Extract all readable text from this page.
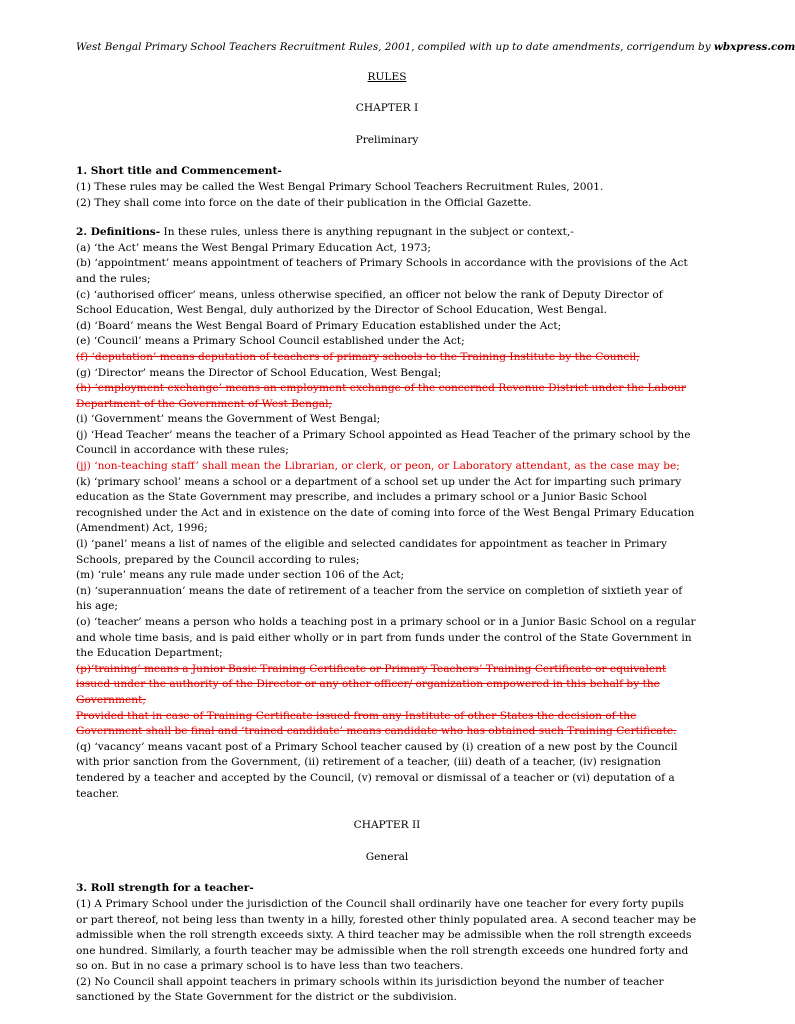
West Bengal Primary School Teachers Recruitment Rules, 2001, compiled with up to date amendments, corrigendum by wbxpress.com

RULES

CHAPTER I

Preliminary

1. Short title and Commencement-

(1) These rules may be called the West Bengal Primary School Teachers Recruitment Rules, 2001.

(2) They shall come into force on the date of their publication in the Official Gazette.

2. Definitions- In these rules, unless there is anything repugnant in the subject or context,-

(a) ‘the Act’ means the West Bengal Primary Education Act, 1973;

(b) ‘appointment’ means appointment of teachers of Primary Schools in accordance with the provisions of the Act and the rules;

(c) ‘authorised officer’ means, unless otherwise specified, an officer not below the rank of Deputy Director of School Education, West Bengal, duly authorized by the Director of School Education, West Bengal.

(d) ‘Board’ means the West Bengal Board of Primary Education established under the Act;

(e) ‘Council’ means a Primary School Council established under the Act;

(f) ‘deputation’ means deputation of teachers of primary schools to the Training Institute by the Council;

(g) ‘Director’ means the Director of School Education, West Bengal;

(h) ‘employment exchange’ means an employment exchange of the concerned Revenue District under the Labour Department of the Government of West Bengal;

(i) ‘Government’ means the Government of West Bengal;

(j) ‘Head Teacher’ means the teacher of a Primary School appointed as Head Teacher of the primary school by the Council in accordance with these rules;

(jj) ‘non-teaching staff’ shall mean the Librarian, or clerk, or peon, or Laboratory attendant, as the case may be;

(k) ‘primary school’ means a school or a department of a school set up under the Act for imparting such primary education as the State Government may prescribe, and includes a primary school or a Junior Basic School recognished under the Act and in existence on the date of coming into force of the West Bengal Primary Education (Amendment) Act, 1996;

(l) ‘panel’ means a list of names of the eligible and selected candidates for appointment as teacher in Primary Schools, prepared by the Council according to rules;

(m) ‘rule’ means any rule made under section 106 of the Act;

(n) ‘superannuation’ means the date of retirement of a teacher from the service on completion of sixtieth year of his age;

(o) ‘teacher’ means a person who holds a teaching post in a primary school or in a Junior Basic School on a regular and whole time basis, and is paid either wholly or in part from funds under the control of the State Government in the Education Department;

(p)‘training’ means a Junior Basic Training Certificate or Primary Teachers’ Training Certificate or equivalent issued under the authority of the Director or any other officer/ organization empowered in this behalf by the Government;

Provided that in case of Training Certificate issued from any Institute of other States the decision of the Government shall be final and ‘trained candidate’ means candidate who has obtained such Training Certificate.

(q) ‘vacancy’ means vacant post of a Primary School teacher caused by (i) creation of a new post by the Council with prior sanction from the Government, (ii) retirement of a teacher, (iii) death of a teacher, (iv) resignation tendered by a teacher and accepted by the Council, (v) removal or dismissal of a teacher or (vi) deputation of a teacher.

CHAPTER II

General

3. Roll strength for a teacher-

(1) A Primary School under the jurisdiction of the Council shall ordinarily have one teacher for every forty pupils or part thereof, not being less than twenty in a hilly, forested other thinly populated area. A second teacher may be admissible when the roll strength exceeds sixty. A third teacher may be admissible when the roll strength exceeds one hundred. Similarly, a fourth teacher may be admissible when the roll strength exceeds one hundred forty and so on. But in no case a primary school is to have less than two teachers.

(2) No Council shall appoint teachers in primary schools within its jurisdiction beyond the number of teacher sanctioned by the State Government for the district or the subdivision.
